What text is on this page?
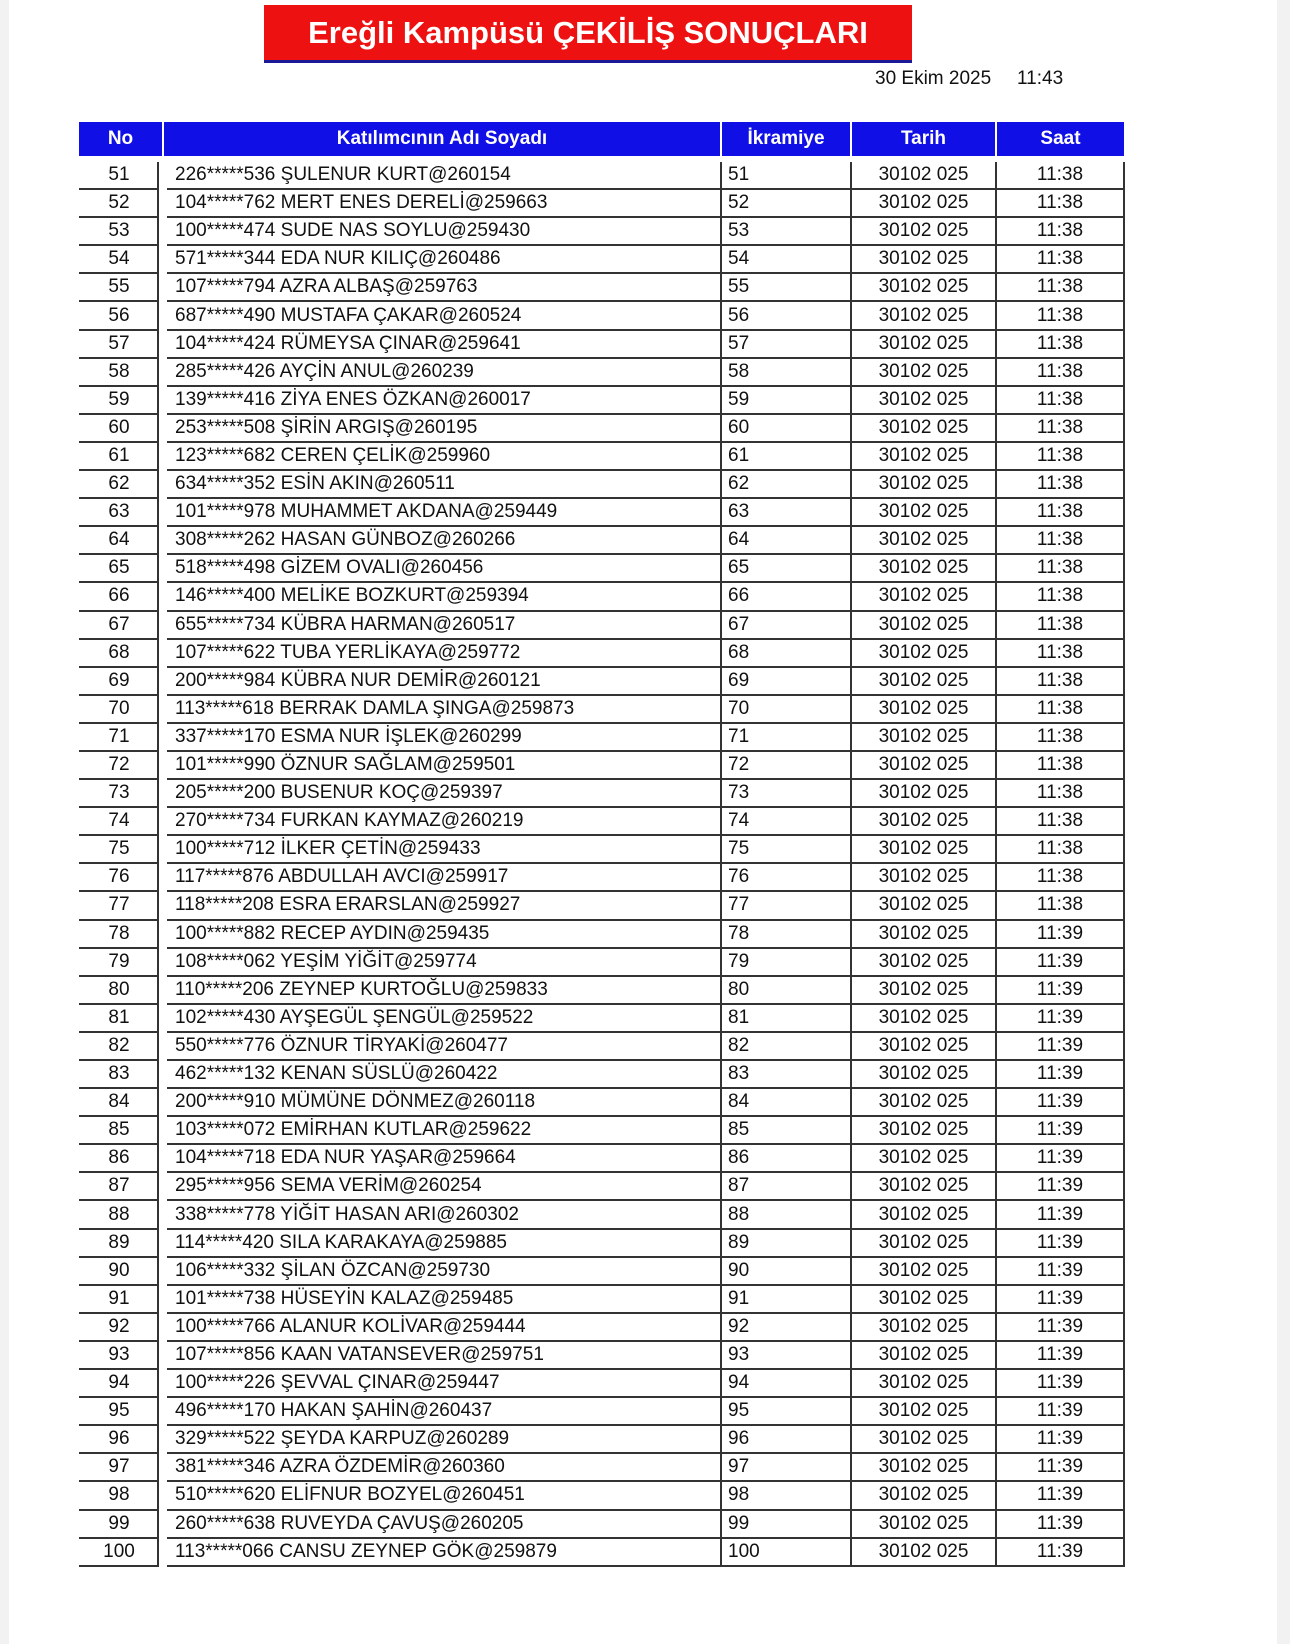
Ereğli Kampüsü ÇEKİLİŞ SONUÇLARI
30 Ekim 2025 11:43
No	Katılımcının Adı Soyadı	İkramiye	Tarih	Saat

51	226*****536 ŞULENUR KURT@260154	51	30102 025	11:38
52	104*****762 MERT ENES DERELİ@259663	52	30102 025	11:38
53	100*****474 SUDE NAS SOYLU@259430	53	30102 025	11:38
54	571*****344 EDA NUR KILIÇ@260486	54	30102 025	11:38
55	107*****794 AZRA ALBAŞ@259763	55	30102 025	11:38
56	687*****490 MUSTAFA ÇAKAR@260524	56	30102 025	11:38
57	104*****424 RÜMEYSA ÇINAR@259641	57	30102 025	11:38
58	285*****426 AYÇİN ANUL@260239	58	30102 025	11:38
59	139*****416 ZİYA ENES ÖZKAN@260017	59	30102 025	11:38
60	253*****508 ŞİRİN ARGIŞ@260195	60	30102 025	11:38
61	123*****682 CEREN ÇELİK@259960	61	30102 025	11:38
62	634*****352 ESİN AKIN@260511	62	30102 025	11:38
63	101*****978 MUHAMMET AKDANA@259449	63	30102 025	11:38
64	308*****262 HASAN GÜNBOZ@260266	64	30102 025	11:38
65	518*****498 GİZEM OVALI@260456	65	30102 025	11:38
66	146*****400 MELİKE BOZKURT@259394	66	30102 025	11:38
67	655*****734 KÜBRA HARMAN@260517	67	30102 025	11:38
68	107*****622 TUBA YERLİKAYA@259772	68	30102 025	11:38
69	200*****984 KÜBRA NUR DEMİR@260121	69	30102 025	11:38
70	113*****618 BERRAK DAMLA ŞINGA@259873	70	30102 025	11:38
71	337*****170 ESMA NUR İŞLEK@260299	71	30102 025	11:38
72	101*****990 ÖZNUR SAĞLAM@259501	72	30102 025	11:38
73	205*****200 BUSENUR KOÇ@259397	73	30102 025	11:38
74	270*****734 FURKAN KAYMAZ@260219	74	30102 025	11:38
75	100*****712 İLKER ÇETİN@259433	75	30102 025	11:38
76	117*****876 ABDULLAH AVCI@259917	76	30102 025	11:38
77	118*****208 ESRA ERARSLAN@259927	77	30102 025	11:38
78	100*****882 RECEP AYDIN@259435	78	30102 025	11:39
79	108*****062 YEŞİM YİĞİT@259774	79	30102 025	11:39
80	110*****206 ZEYNEP KURTOĞLU@259833	80	30102 025	11:39
81	102*****430 AYŞEGÜL ŞENGÜL@259522	81	30102 025	11:39
82	550*****776 ÖZNUR TİRYAKİ@260477	82	30102 025	11:39
83	462*****132 KENAN SÜSLÜ@260422	83	30102 025	11:39
84	200*****910 MÜMÜNE DÖNMEZ@260118	84	30102 025	11:39
85	103*****072 EMİRHAN KUTLAR@259622	85	30102 025	11:39
86	104*****718 EDA NUR YAŞAR@259664	86	30102 025	11:39
87	295*****956 SEMA VERİM@260254	87	30102 025	11:39
88	338*****778 YİĞİT HASAN ARI@260302	88	30102 025	11:39
89	114*****420 SILA KARAKAYA@259885	89	30102 025	11:39
90	106*****332 ŞİLAN ÖZCAN@259730	90	30102 025	11:39
91	101*****738 HÜSEYİN KALAZ@259485	91	30102 025	11:39
92	100*****766 ALANUR KOLİVAR@259444	92	30102 025	11:39
93	107*****856 KAAN VATANSEVER@259751	93	30102 025	11:39
94	100*****226 ŞEVVAL ÇINAR@259447	94	30102 025	11:39
95	496*****170 HAKAN ŞAHİN@260437	95	30102 025	11:39
96	329*****522 ŞEYDA KARPUZ@260289	96	30102 025	11:39
97	381*****346 AZRA ÖZDEMİR@260360	97	30102 025	11:39
98	510*****620 ELİFNUR BOZYEL@260451	98	30102 025	11:39
99	260*****638 RUVEYDA ÇAVUŞ@260205	99	30102 025	11:39
100	113*****066 CANSU ZEYNEP GÖK@259879	100	30102 025	11:39
